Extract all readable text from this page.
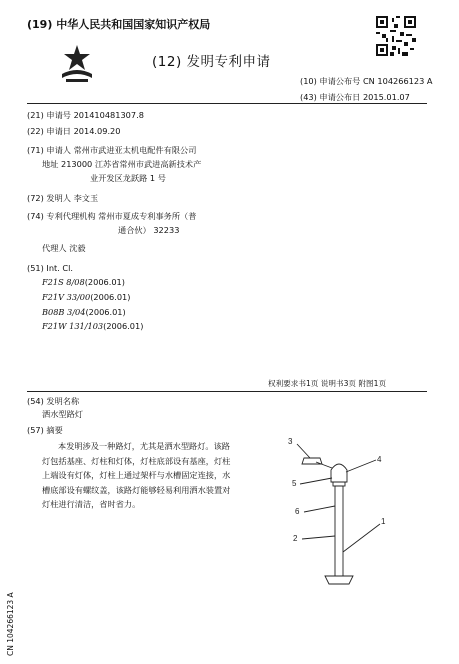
(19) 中华人民共和国国家知识产权局
(12) 发明专利申请
(10) 申请公布号 CN 104266123 A
(43) 申请公布日 2015.01.07
(21) 申请号 201410481307.8
(22) 申请日 2014.09.20
(71) 申请人 常州市武进亚太机电配件有限公司
地址 213000 江苏省常州市武进高新技术产
业开发区龙跃路 1 号
(72) 发明人 李文玉
(74) 专利代理机构 常州市夏成专利事务所（普
通合伙） 32233
代理人 沈毅
(51) Int. Cl.
F21S 8/08(2006.01)
F21V 33/00(2006.01)
B08B 3/04(2006.01)
F21W 131/103(2006.01)
权利要求书1页 说明书3页 附图1页
(54) 发明名称
洒水型路灯
(57) 摘要
本发明涉及一种路灯，尤其是洒水型路灯。该路灯包括基座、灯柱和灯体，灯柱底部设有基座，灯柱上端设有灯体，灯柱上通过架杆与水槽固定连接，水槽底部设有螺纹盖，该路灯能够轻易利用洒水装置对灯柱进行清洁，省时省力。
3
4
5
6
2
1
CN 104266123 A
